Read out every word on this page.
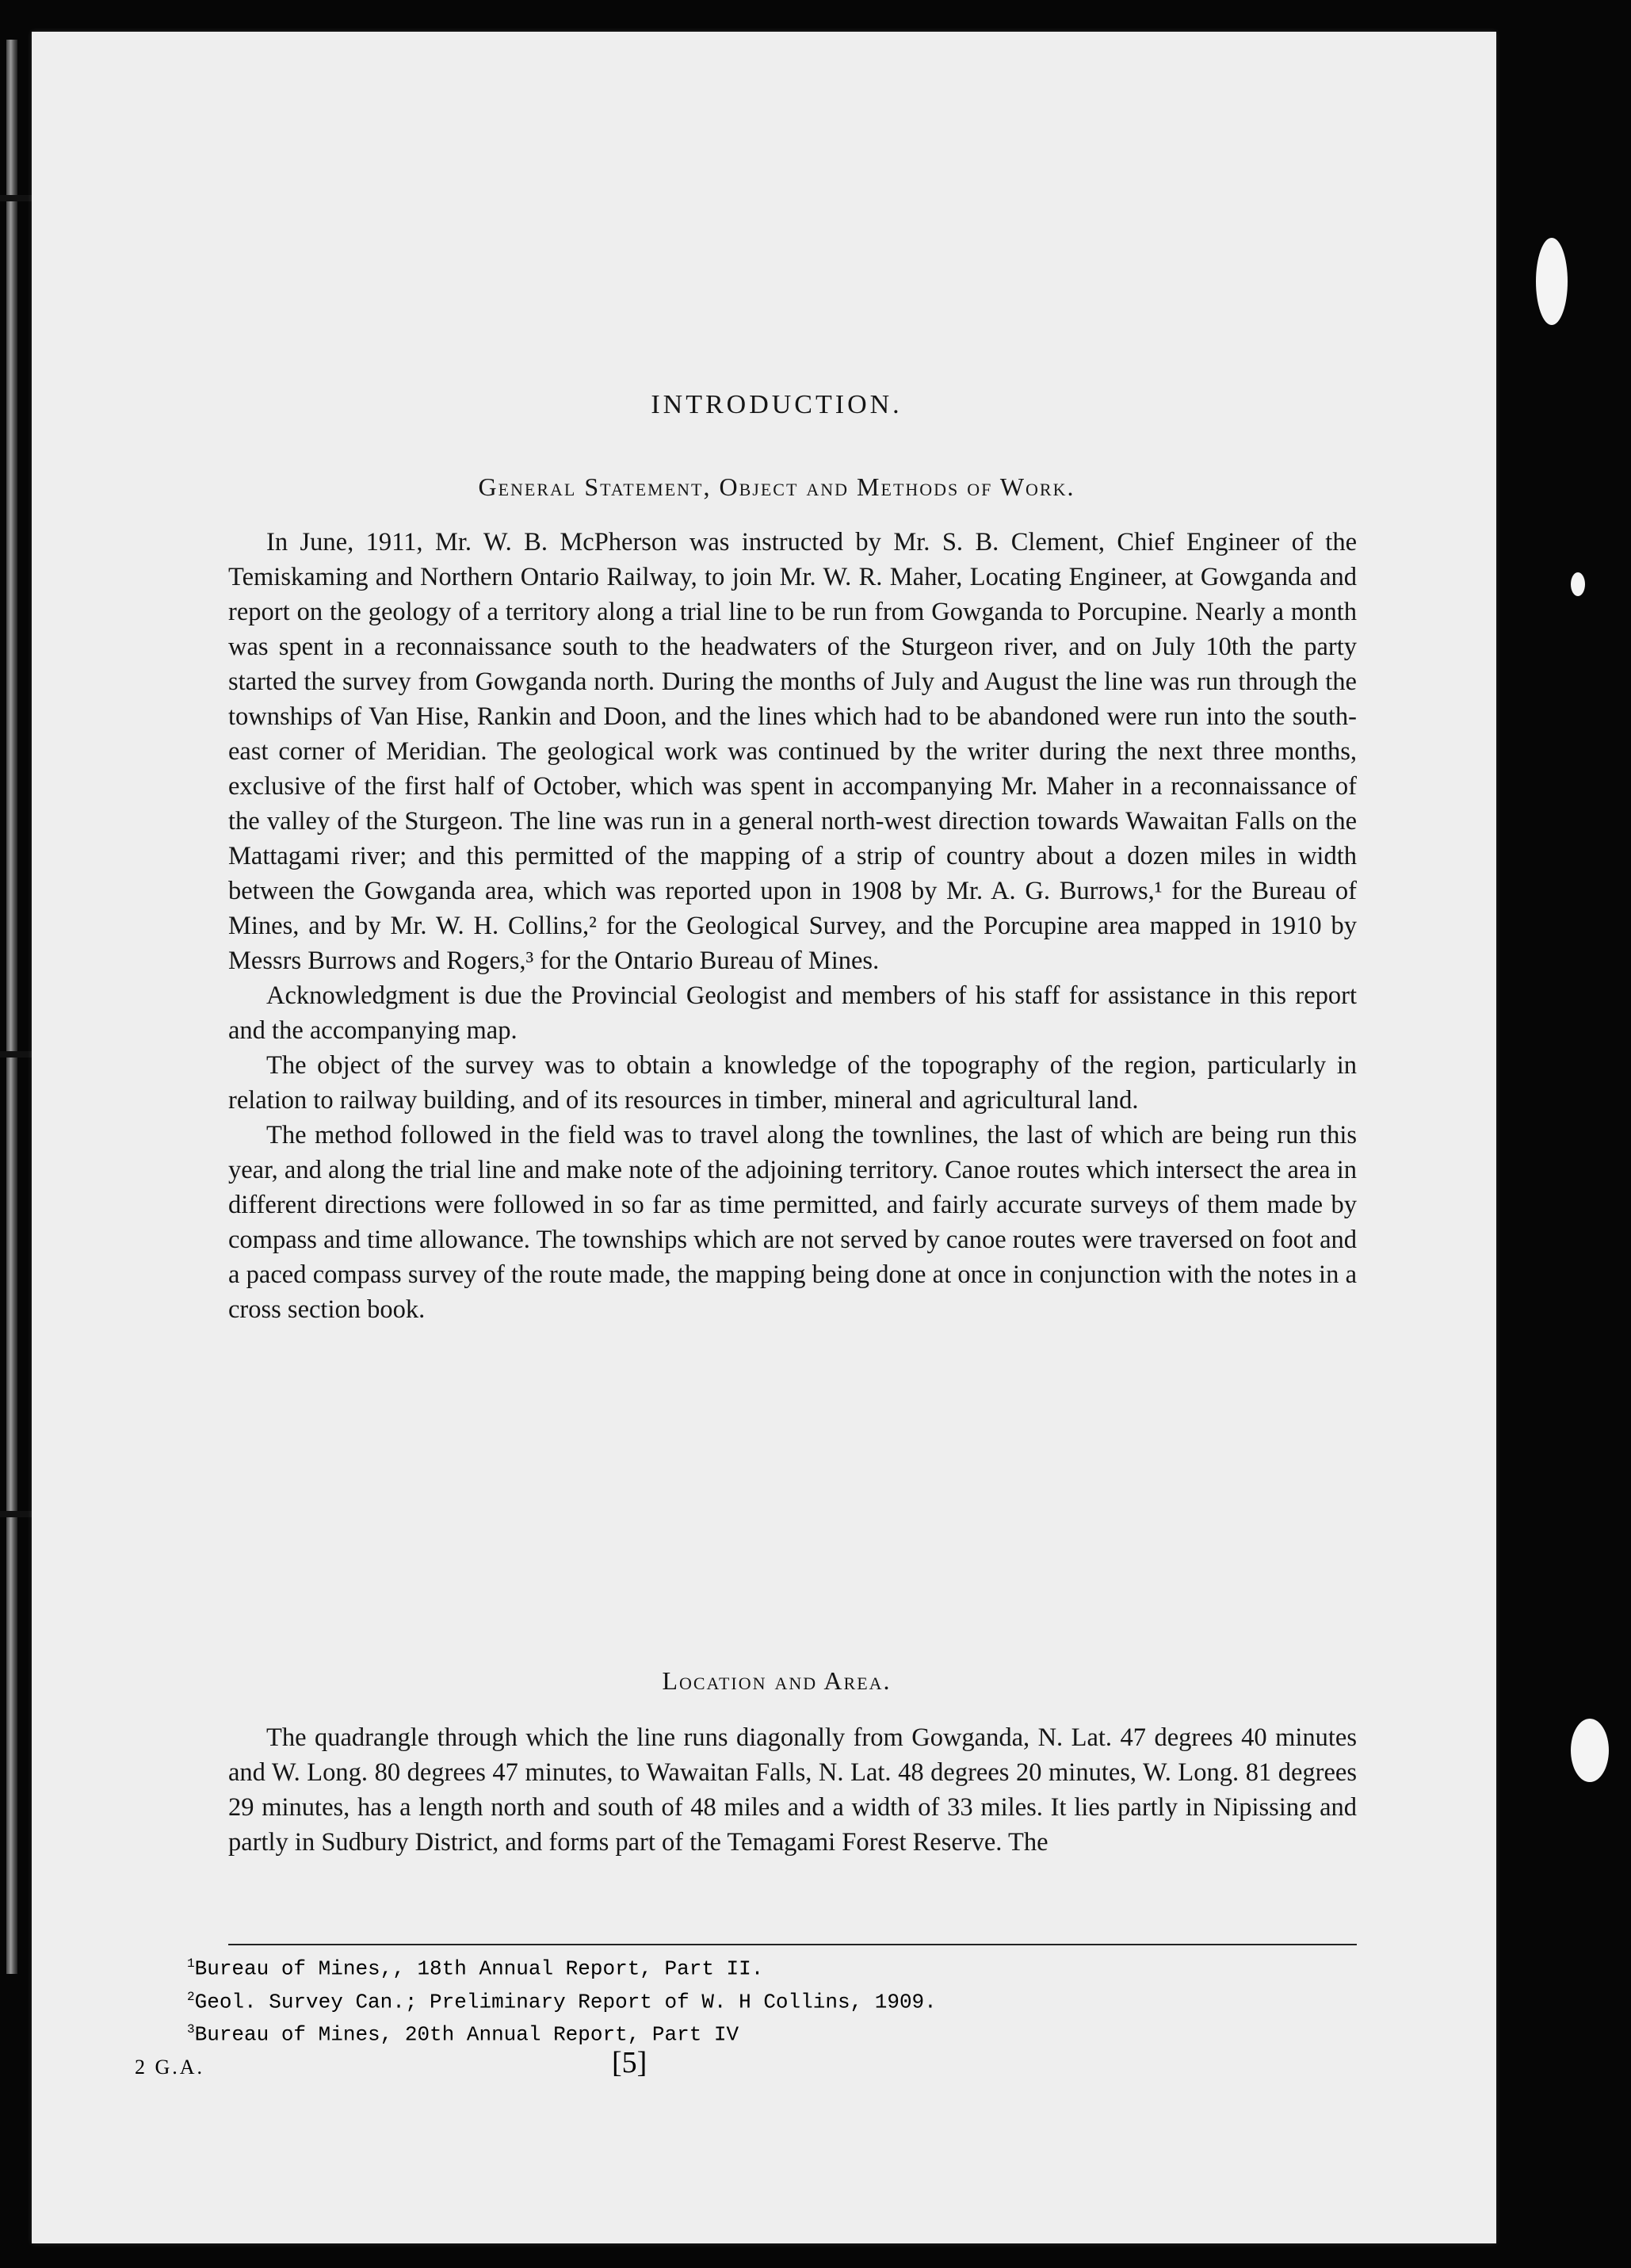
INTRODUCTION.
General Statement, Object and Methods of Work.

In June, 1911, Mr. W. B. McPherson was instructed by Mr. S. B. Clement, Chief Engineer of the Temiskaming and Northern Ontario Railway, to join Mr. W. R. Maher, Locating Engineer, at Gowganda and report on the geology of a territory along a trial line to be run from Gowganda to Porcupine. Nearly a month was spent in a reconnaissance south to the headwaters of the Sturgeon river, and on July 10th the party started the survey from Gowganda north. During the months of July and August the line was run through the townships of Van Hise, Rankin and Doon, and the lines which had to be abandoned were run into the south-east corner of Meridian. The geological work was continued by the writer during the next three months, exclusive of the first half of October, which was spent in accompanying Mr. Maher in a reconnaissance of the valley of the Sturgeon. The line was run in a general north-west direction towards Wawaitan Falls on the Mattagami river; and this permitted of the mapping of a strip of country about a dozen miles in width between the Gowganda area, which was reported upon in 1908 by Mr. A. G. Burrows,¹ for the Bureau of Mines, and by Mr. W. H. Collins,² for the Geological Survey, and the Porcupine area mapped in 1910 by Messrs Burrows and Rogers,³ for the Ontario Bureau of Mines.

Acknowledgment is due the Provincial Geologist and members of his staff for assistance in this report and the accompanying map.

The object of the survey was to obtain a knowledge of the topography of the region, particularly in relation to railway building, and of its resources in timber, mineral and agricultural land.

The method followed in the field was to travel along the townlines, the last of which are being run this year, and along the trial line and make note of the adjoining territory. Canoe routes which intersect the area in different directions were followed in so far as time permitted, and fairly accurate surveys of them made by compass and time allowance. The townships which are not served by canoe routes were traversed on foot and a paced compass survey of the route made, the mapping being done at once in conjunction with the notes in a cross section book.

Location and Area.

The quadrangle through which the line runs diagonally from Gowganda, N. Lat. 47 degrees 40 minutes and W. Long. 80 degrees 47 minutes, to Wawaitan Falls, N. Lat. 48 degrees 20 minutes, W. Long. 81 degrees 29 minutes, has a length north and south of 48 miles and a width of 33 miles. It lies partly in Nipissing and partly in Sudbury District, and forms part of the Temagami Forest Reserve. The

$^1$Bureau of Mines,, 18th Annual Report, Part II.
$^2$Geol. Survey Can.; Preliminary Report of W. H Collins, 1909.
$^3$Bureau of Mines, 20th Annual Report, Part IV
2 G.A.	[5]
